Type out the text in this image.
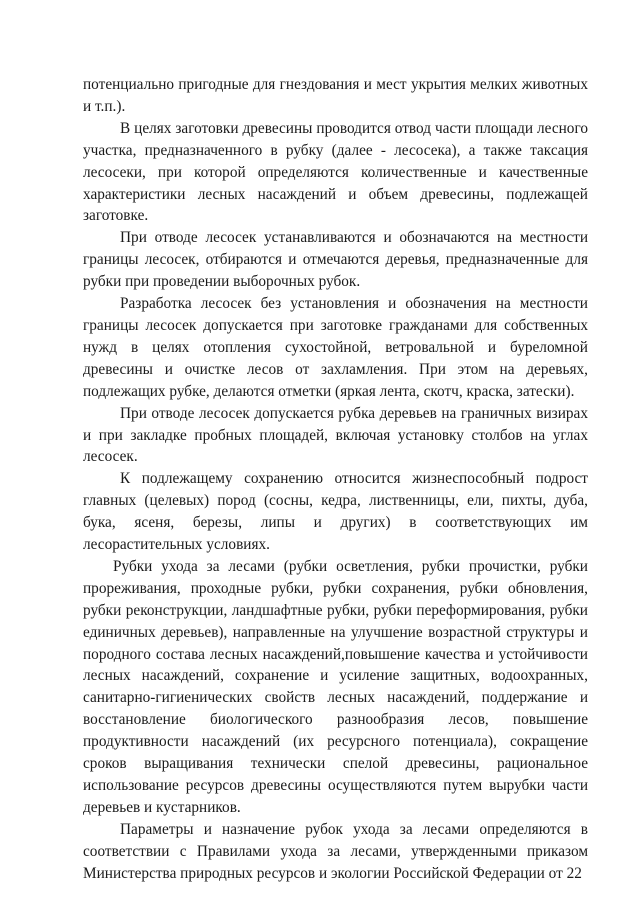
потенциально пригодные для гнездования и мест укрытия мелких животных и т.п.).

В целях заготовки древесины проводится отвод части площади лесного участка, предназначенного в рубку (далее - лесосека), а также таксация лесосеки, при которой определяются количественные и качественные характеристики лесных насаждений и объем древесины, подлежащей заготовке.

При отводе лесосек устанавливаются и обозначаются на местности границы лесосек, отбираются и отмечаются деревья, предназначенные для рубки при проведении выборочных рубок.

Разработка лесосек без установления и обозначения на местности границы лесосек допускается при заготовке гражданами для собственных нужд в целях отопления сухостойной, ветровальной и буреломной древесины и очистке лесов от захламления. При этом на деревьях, подлежащих рубке, делаются отметки (яркая лента, скотч, краска, затески).

При отводе лесосек допускается рубка деревьев на граничных визирах и при закладке пробных площадей, включая установку столбов на углах лесосек.

К подлежащему сохранению относится жизнеспособный подрост главных (целевых) пород (сосны, кедра, лиственницы, ели, пихты, дуба, бука, ясеня, березы, липы и других) в соответствующих им лесорастительных условиях.

Рубки ухода за лесами (рубки осветления, рубки прочистки, рубки прореживания, проходные рубки, рубки сохранения, рубки обновления, рубки реконструкции, ландшафтные рубки, рубки переформирования, рубки единичных деревьев), направленные на улучшение возрастной структуры и породного состава лесных насаждений,повышение качества и устойчивости лесных насаждений, сохранение и усиление защитных, водоохранных, санитарно-гигиенических свойств лесных насаждений, поддержание и восстановление биологического разнообразия лесов, повышение продуктивности насаждений (их ресурсного потенциала), сокращение сроков выращивания технически спелой древесины, рациональное использование ресурсов древесины осуществляются путем вырубки части деревьев и кустарников.

Параметры и назначение рубок ухода за лесами определяются в соответствии с Правилами ухода за лесами, утвержденными приказом Министерства природных ресурсов и экологии Российской Федерации от 22
